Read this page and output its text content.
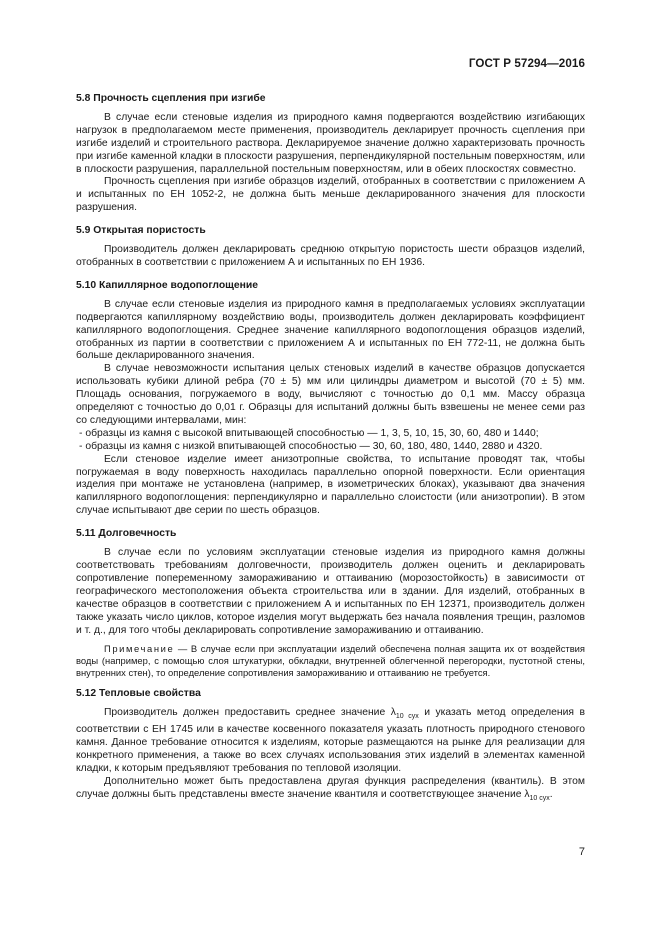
ГОСТ Р 57294—2016
5.8 Прочность сцепления при изгибе

В случае если стеновые изделия из природного камня подвергаются воздействию изгибающих нагрузок в предполагаемом месте применения, производитель декларирует прочность сцепления при изгибе изделий и строительного раствора. Декларируемое значение должно характеризовать прочность при изгибе каменной кладки в плоскости разрушения, перпендикулярной постельным поверхностям, или в плоскости разрушения, параллельной постельным поверхностям, или в обеих плоскостях совместно.

Прочность сцепления при изгибе образцов изделий, отобранных в соответствии с приложением А и испытанных по ЕН 1052-2, не должна быть меньше декларированного значения для плоскости разрушения.

5.9 Открытая пористость

Производитель должен декларировать среднюю открытую пористость шести образцов изделий, отобранных в соответствии с приложением А и испытанных по ЕН 1936.

5.10 Капиллярное водопоглощение

В случае если стеновые изделия из природного камня в предполагаемых условиях эксплуатации подвергаются капиллярному воздействию воды, производитель должен декларировать коэффициент капиллярного водопоглощения. Среднее значение капиллярного водопоглощения образцов изделий, отобранных из партии в соответствии с приложением А и испытанных по ЕН 772-11, не должна быть больше декларированного значения.

В случае невозможности испытания целых стеновых изделий в качестве образцов допускается использовать кубики длиной ребра (70 ± 5) мм или цилиндры диаметром и высотой (70 ± 5) мм. Площадь основания, погружаемого в воду, вычисляют с точностью до 0,1 мм. Массу образца определяют с точностью до 0,01 г. Образцы для испытаний должны быть взвешены не менее семи раз со следующими интервалами, мин:

- образцы из камня с высокой впитывающей способностью — 1, 3, 5, 10, 15, 30, 60, 480 и 1440;

- образцы из камня с низкой впитывающей способностью — 30, 60, 180, 480, 1440, 2880 и 4320.

Если стеновое изделие имеет анизотропные свойства, то испытание проводят так, чтобы погружаемая в воду поверхность находилась параллельно опорной поверхности. Если ориентация изделия при монтаже не установлена (например, в изометрических блоках), указывают два значения капиллярного водопоглощения: перпендикулярно и параллельно слоистости (или анизотропии). В этом случае испытывают две серии по шесть образцов.

5.11 Долговечность

В случае если по условиям эксплуатации стеновые изделия из природного камня должны соответствовать требованиям долговечности, производитель должен оценить и декларировать сопротивление попеременному замораживанию и оттаиванию (морозостойкость) в зависимости от географического местоположения объекта строительства или в здании. Для изделий, отобранных в качестве образцов в соответствии с приложением А и испытанных по ЕН 12371, производитель должен также указать число циклов, которое изделия могут выдержать без начала появления трещин, разломов и т. д., для того чтобы декларировать сопротивление замораживанию и оттаиванию.

Примечание — В случае если при эксплуатации изделий обеспечена полная защита их от воздействия воды (например, с помощью слоя штукатурки, обкладки, внутренней облегченной перегородки, пустотной стены, внутренних стен), то определение сопротивления замораживанию и оттаиванию не требуется.

5.12 Тепловые свойства

Производитель должен предоставить среднее значение $\lambda_{10 сух}$ и указать метод определения в соответствии с ЕН 1745 или в качестве косвенного показателя указать плотность природного стенового камня. Данное требование относится к изделиям, которые размещаются на рынке для реализации для конкретного применения, а также во всех случаях использования этих изделий в элементах каменной кладки, к которым предъявляют требования по тепловой изоляции.

Дополнительно может быть предоставлена другая функция распределения (квантиль). В этом случае должны быть представлены вместе значение квантиля и соответствующее значение $\lambda_{10 сух}$.

7
